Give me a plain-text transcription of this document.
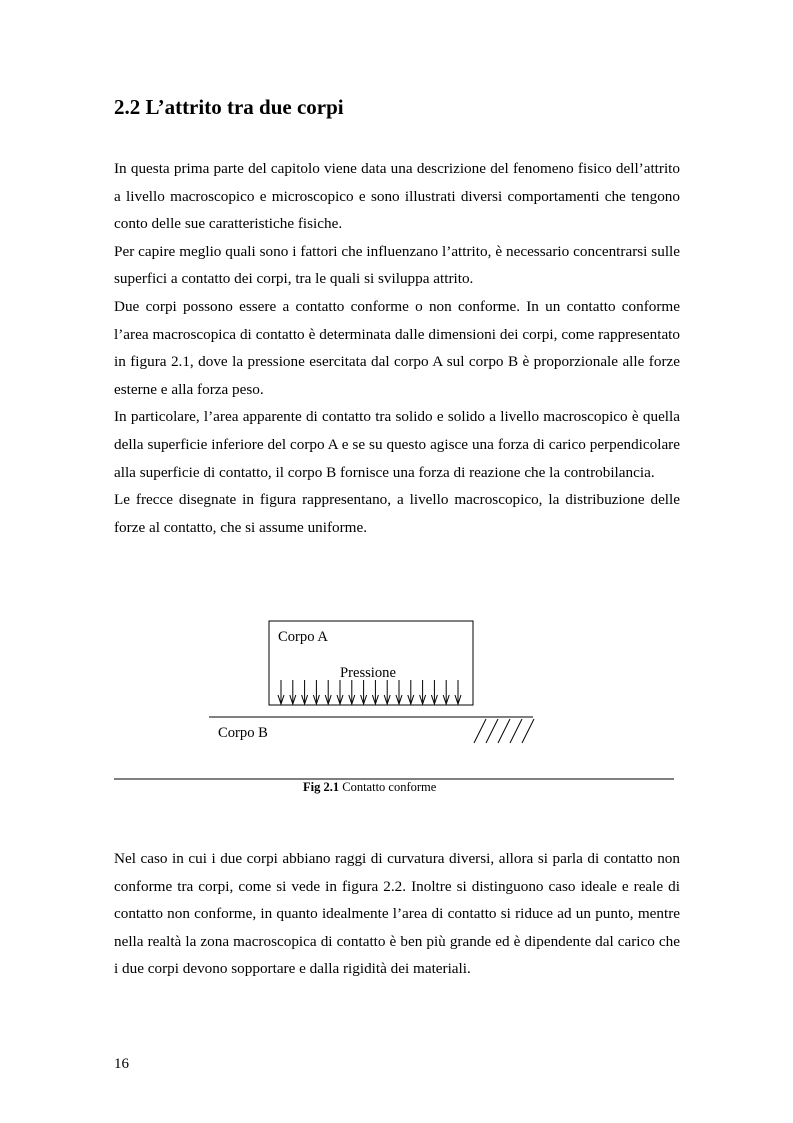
2.2 L’attrito tra due corpi
In questa prima parte del capitolo viene data una descrizione del fenomeno fisico dell’attrito a livello macroscopico e microscopico e sono illustrati diversi comportamenti che tengono conto delle sue caratteristiche fisiche.
Per capire meglio quali sono i fattori che influenzano l’attrito, è necessario concentrarsi sulle superfici a contatto dei corpi, tra le quali si sviluppa attrito.
Due corpi possono essere a contatto conforme o non conforme. In un contatto conforme l’area macroscopica di contatto è determinata dalle dimensioni dei corpi, come rappresentato in figura 2.1, dove la pressione esercitata dal corpo A sul corpo B è proporzionale alle forze esterne e alla forza peso.
In particolare, l’area apparente di contatto tra solido e solido a livello macroscopico è quella della superficie inferiore del corpo A e se su questo agisce una forza di carico perpendicolare alla superficie di contatto, il corpo B fornisce una forza di reazione che la controbilancia.
Le frecce disegnate in figura rappresentano, a livello macroscopico, la distribuzione delle forze al contatto, che si assume uniforme.
Corpo A
Pressione
Corpo B

Fig 2.1 Contatto conforme

Nel caso in cui i due corpi abbiano raggi di curvatura diversi, allora si parla di contatto non conforme tra corpi, come si vede in figura 2.2. Inoltre si distinguono caso ideale e reale di contatto non conforme, in quanto idealmente l’area di contatto si riduce ad un punto, mentre nella realtà la zona macroscopica di contatto è ben più grande ed è dipendente dal carico che i due corpi devono sopportare e dalla rigidità dei materiali.

16
